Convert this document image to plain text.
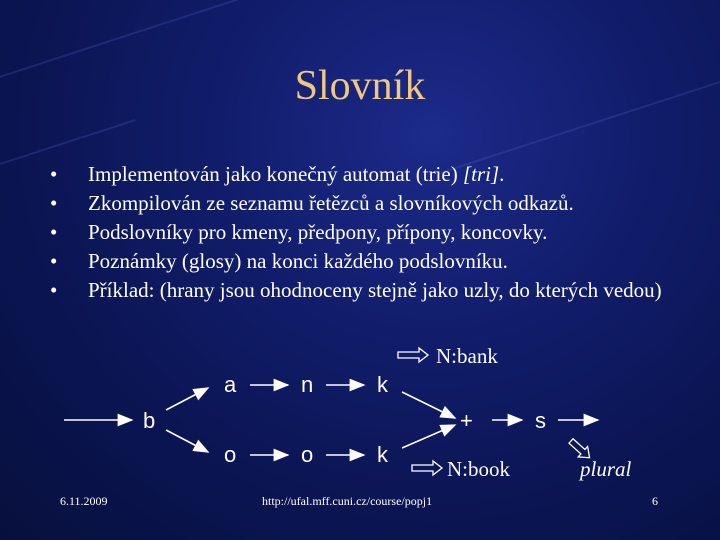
Slovník
• Implementován jako konečný automat (trie) [tri].
• Zkompilován ze seznamu řetězců a slovníkových odkazů.
• Podslovníky pro kmeny, předpony, přípony, koncovky.
• Poznámky (glosy) na konci každého podslovníku.
• Příklad: (hrany jsou ohodnoceny stejně jako uzly, do kterých vedou)
b
a	n	k
o	o	k
+	s
N:bank
N:book	plural
6.11.2009	http://ufal.mff.cuni.cz/course/popj1	6
